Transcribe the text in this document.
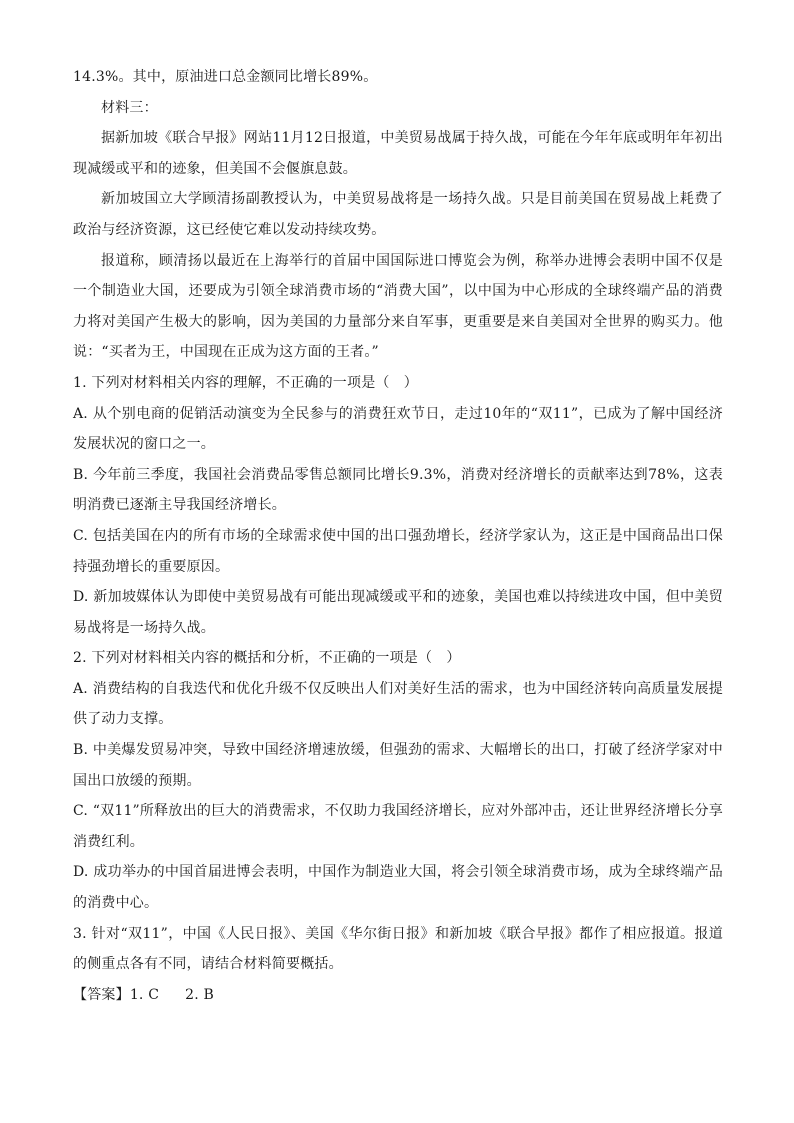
14.3%。其中，原油进口总金额同比增长89%。

材料三：

据新加坡《联合早报》网站11月12日报道，中美贸易战属于持久战，可能在今年年底或明年年初出现减缓或平和的迹象，但美国不会偃旗息鼓。

新加坡国立大学顾清扬副教授认为，中美贸易战将是一场持久战。只是目前美国在贸易战上耗费了政治与经济资源，这已经使它难以发动持续攻势。

报道称，顾清扬以最近在上海举行的首届中国国际进口博览会为例，称举办进博会表明中国不仅是一个制造业大国，还要成为引领全球消费市场的“消费大国”，以中国为中心形成的全球终端产品的消费力将对美国产生极大的影响，因为美国的力量部分来自军事，更重要是来自美国对全世界的购买力。他说：“买者为王，中国现在正成为这方面的王者。”

1. 下列对材料相关内容的理解，不正确的一项是（　）

A. 从个别电商的促销活动演变为全民参与的消费狂欢节日，走过10年的“双11”，已成为了解中国经济发展状况的窗口之一。

B. 今年前三季度，我国社会消费品零售总额同比增长9.3%，消费对经济增长的贡献率达到78%，这表明消费已逐渐主导我国经济增长。

C. 包括美国在内的所有市场的全球需求使中国的出口强劲增长，经济学家认为，这正是中国商品出口保持强劲增长的重要原因。

D. 新加坡媒体认为即使中美贸易战有可能出现减缓或平和的迹象，美国也难以持续进攻中国，但中美贸易战将是一场持久战。

2. 下列对材料相关内容的概括和分析，不正确的一项是（　）

A. 消费结构的自我迭代和优化升级不仅反映出人们对美好生活的需求，也为中国经济转向高质量发展提供了动力支撑。

B. 中美爆发贸易冲突，导致中国经济增速放缓，但强劲的需求、大幅增长的出口，打破了经济学家对中国出口放缓的预期。

C. “双11”所释放出的巨大的消费需求，不仅助力我国经济增长，应对外部冲击，还让世界经济增长分享消费红利。

D. 成功举办的中国首届进博会表明，中国作为制造业大国，将会引领全球消费市场，成为全球终端产品的消费中心。

3. 针对“双11”，中国《人民日报》、美国《华尔街日报》和新加坡《联合早报》都作了相应报道。报道的侧重点各有不同，请结合材料简要概括。

【答案】1. C 2. B
